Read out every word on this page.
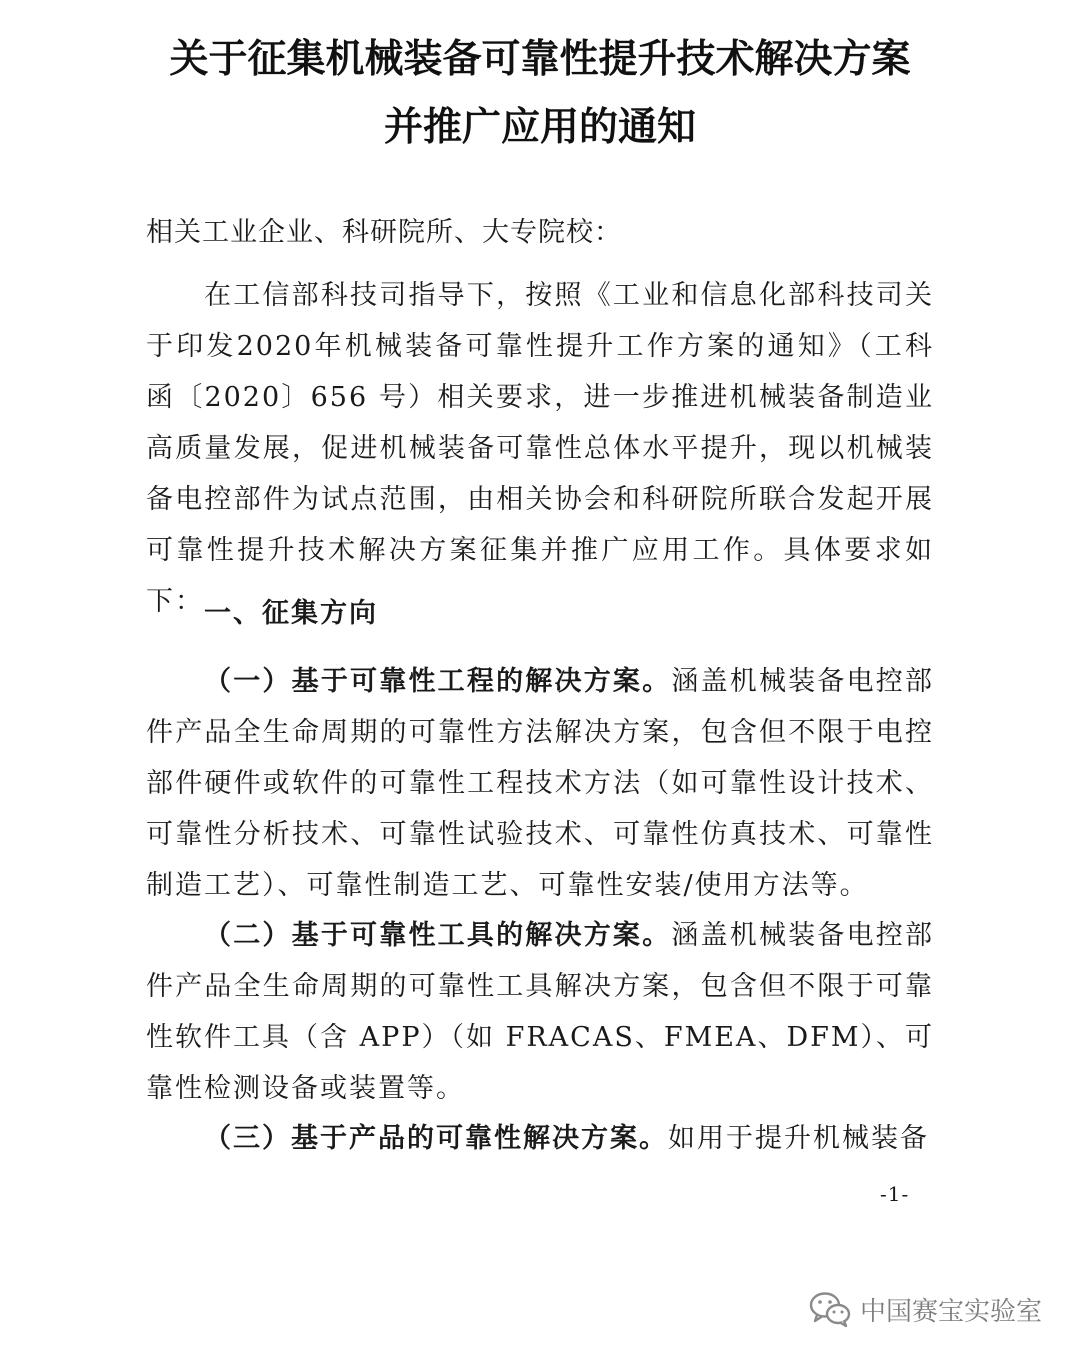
关于征集机械装备可靠性提升技术解决方案
并推广应用的通知
相关工业企业、科研院所、大专院校：
在工信部科技司指导下，按照《工业和信息化部科技司关于印发2020年机械装备可靠性提升工作方案的通知》（工科函〔2020〕656 号）相关要求，进一步推进机械装备制造业高质量发展，促进机械装备可靠性总体水平提升，现以机械装备电控部件为试点范围，由相关协会和科研院所联合发起开展可靠性提升技术解决方案征集并推广应用工作。具体要求如下： 一、征集方向
（一）基于可靠性工程的解决方案。涵盖机械装备电控部件产品全生命周期的可靠性方法解决方案，包含但不限于电控部件硬件或软件的可靠性工程技术方法（如可靠性设计技术、可靠性分析技术、可靠性试验技术、可靠性仿真技术、可靠性制造工艺）、可靠性制造工艺、可靠性安装/使用方法等。
（二）基于可靠性工具的解决方案。涵盖机械装备电控部件产品全生命周期的可靠性工具解决方案，包含但不限于可靠性软件工具（含 APP）（如 FRACAS、FMEA、DFM）、可靠性检测设备或装置等。
（三）基于产品的可靠性解决方案。如用于提升机械装备
-1-
中国赛宝实验室
